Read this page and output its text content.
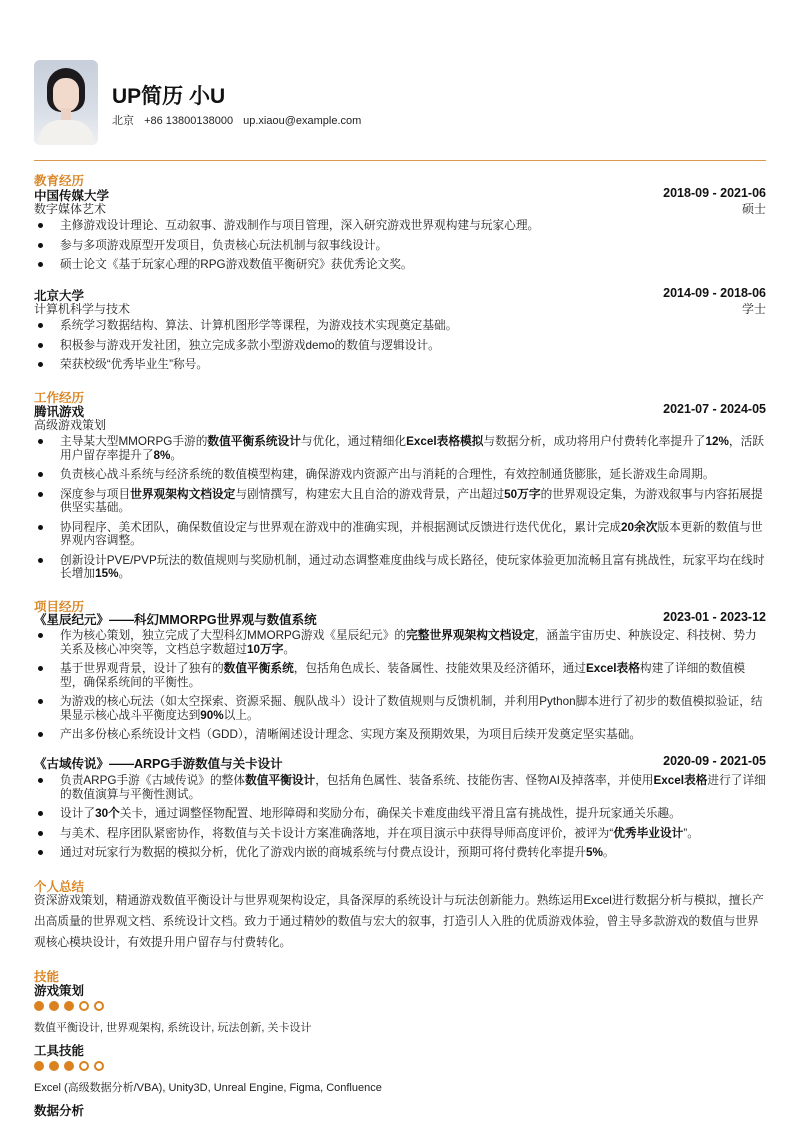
UP简历 小U
北京 +86 13800138000 up.xiaou@example.com
教育经历
中国传媒大学	2018-09 - 2021-06
数字媒体艺术	硕士
主修游戏设计理论、互动叙事、游戏制作与项目管理，深入研究游戏世界观构建与玩家心理。
参与多项游戏原型开发项目，负责核心玩法机制与叙事线设计。
硕士论文《基于玩家心理的RPG游戏数值平衡研究》获优秀论文奖。
北京大学	2014-09 - 2018-06
计算机科学与技术	学士
系统学习数据结构、算法、计算机图形学等课程，为游戏技术实现奠定基础。
积极参与游戏开发社团，独立完成多款小型游戏demo的数值与逻辑设计。
荣获校级“优秀毕业生”称号。
工作经历
腾讯游戏	2021-07 - 2024-05
高级游戏策划
主导某大型MMORPG手游的数值平衡系统设计与优化，通过精细化Excel表格模拟与数据分析，成功将用户付费转化率提升了12%，活跃用户留存率提升了8%。
负责核心战斗系统与经济系统的数值模型构建，确保游戏内资源产出与消耗的合理性，有效控制通货膨胀，延长游戏生命周期。
深度参与项目世界观架构文档设定与剧情撰写，构建宏大且自洽的游戏背景，产出超过50万字的世界观设定集，为游戏叙事与内容拓展提供坚实基础。
协同程序、美术团队，确保数值设定与世界观在游戏中的准确实现，并根据测试反馈进行迭代优化，累计完成20余次版本更新的数值与世界观内容调整。
创新设计PVE/PVP玩法的数值规则与奖励机制，通过动态调整难度曲线与成长路径，使玩家体验更加流畅且富有挑战性，玩家平均在线时长增加15%。
项目经历
《星辰纪元》——科幻MMORPG世界观与数值系统	2023-01 - 2023-12
作为核心策划，独立完成了大型科幻MMORPG游戏《星辰纪元》的完整世界观架构文档设定，涵盖宇宙历史、种族设定、科技树、势力关系及核心冲突等，文档总字数超过10万字。
基于世界观背景，设计了独有的数值平衡系统，包括角色成长、装备属性、技能效果及经济循环，通过Excel表格构建了详细的数值模型，确保系统间的平衡性。
为游戏的核心玩法（如太空探索、资源采掘、舰队战斗）设计了数值规则与反馈机制，并利用Python脚本进行了初步的数值模拟验证，结果显示核心战斗平衡度达到90%以上。
产出多份核心系统设计文档（GDD），清晰阐述设计理念、实现方案及预期效果，为项目后续开发奠定坚实基础。
《古域传说》——ARPG手游数值与关卡设计	2020-09 - 2021-05
负责ARPG手游《古域传说》的整体数值平衡设计，包括角色属性、装备系统、技能伤害、怪物AI及掉落率，并使用Excel表格进行了详细的数值演算与平衡性测试。
设计了30个关卡，通过调整怪物配置、地形障碍和奖励分布，确保关卡难度曲线平滑且富有挑战性，提升玩家通关乐趣。
与美术、程序团队紧密协作，将数值与关卡设计方案准确落地，并在项目演示中获得导师高度评价，被评为“优秀毕业设计”。
通过对玩家行为数据的模拟分析，优化了游戏内嵌的商城系统与付费点设计，预期可将付费转化率提升5%。
个人总结
资深游戏策划，精通游戏数值平衡设计与世界观架构设定，具备深厚的系统设计与玩法创新能力。熟练运用Excel进行数据分析与模拟，擅长产出高质量的世界观文档、系统设计文档。致力于通过精妙的数值与宏大的叙事，打造引人入胜的优质游戏体验，曾主导多款游戏的数值与世界观核心模块设计，有效提升用户留存与付费转化。
技能
游戏策划
数值平衡设计, 世界观架构, 系统设计, 玩法创新, 关卡设计
工具技能
Excel (高级数据分析/VBA), Unity3D, Unreal Engine, Figma, Confluence
数据分析
